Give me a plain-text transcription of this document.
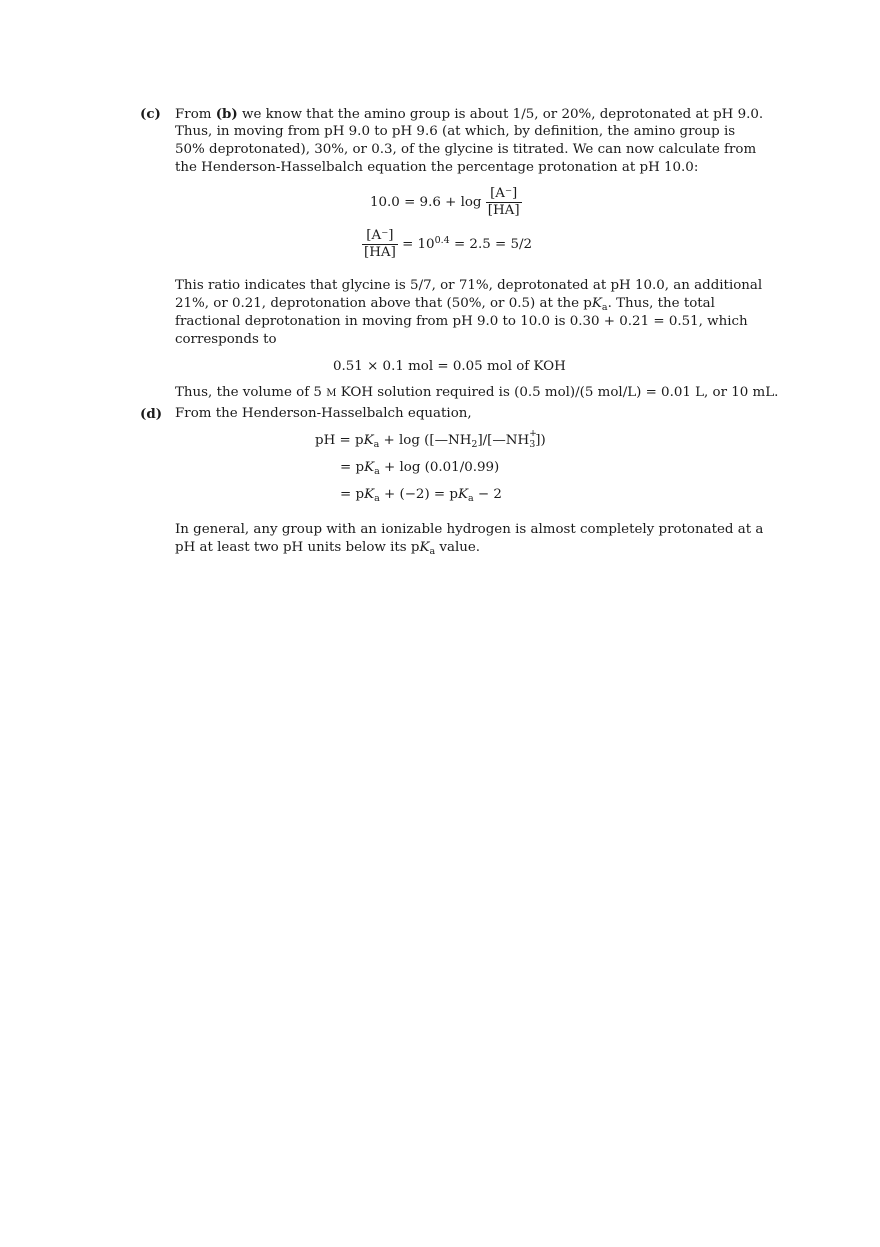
(c) From (b) we know that the amino group is about 1/5, or 20%, deprotonated at pH 9.0.
Thus, in moving from pH 9.0 to pH 9.6 (at which, by definition, the amino group is
50% deprotonated), 30%, or 0.3, of the glycine is titrated. We can now calculate from
the Henderson-Hasselbalch equation the percentage protonation at pH 10.0:
$10.0 = 9.6 + \log \frac{[A^-]}{[HA]}$
$\frac{[A^-]}{[HA]} = 10^{0.4} = 2.5 = 5/2$
This ratio indicates that glycine is 5/7, or 71%, deprotonated at pH 10.0, an additional
21%, or 0.21, deprotonation above that (50%, or 0.5) at the $pK_a$. Thus, the total
fractional deprotonation in moving from pH 9.0 to 10.0 is 0.30 + 0.21 = 0.51, which
corresponds to
0.51 × 0.1 mol = 0.05 mol of KOH
Thus, the volume of 5 M KOH solution required is (0.5 mol)/(5 mol/L) = 0.01 L, or 10 mL.
(d) From the Henderson-Hasselbalch equation,
pH = $pK_a + \log$ ($[—NH_2]/[—NH_3$
+
])
= $pK_a + \log (0.01/0.99)$
= $pK_a + (-2) = pK_a - 2$
In general, any group with an ionizable hydrogen is almost completely protonated at a
pH at least two pH units below its $pK_a$ value.
